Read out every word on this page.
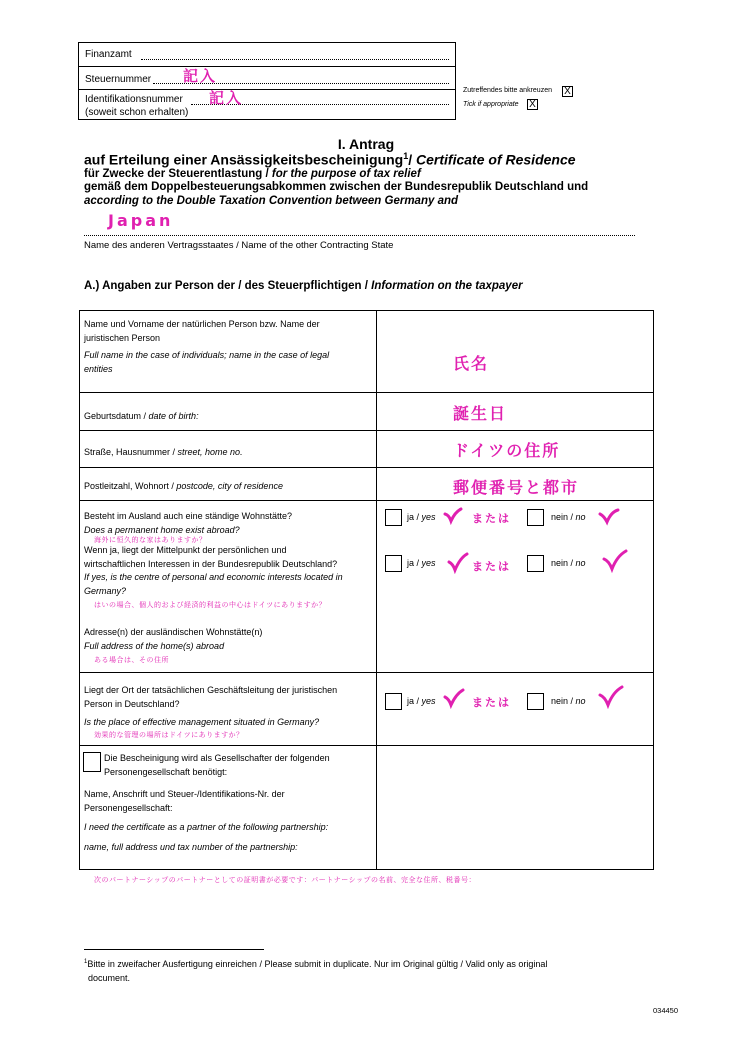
Finanzamt
Steuernummer 記入
Identifikationsnummer 記入
(soweit schon erhalten)
Zutreffendes bitte ankreuzen X
Tick if appropriate X
I. Antrag
auf Erteilung einer Ansässigkeitsbescheinigung$^1$/ Certificate of Residence
für Zwecke der Steuerentlastung / for the purpose of tax relief
gemäß dem Doppelbesteuerungsabkommen zwischen der Bundesrepublik Deutschland und
according to the Double Taxation Convention between Germany and
Japan
Name des anderen Vertragsstaates / Name of the other Contracting State
A.) Angaben zur Person der / des Steuerpflichtigen / Information on the taxpayer
Name und Vorname der natürlichen Person bzw. Name der
juristischen Person
Full name in the case of individuals; name in the case of legal
entities	氏名
Geburtsdatum / date of birth:	誕生日
Straße, Hausnummer / street, home no.	ドイツの住所
Postleitzahl, Wohnort / postcode, city of residence	郵便番号と都市
Besteht im Ausland auch eine ständige Wohnstätte?
Does a permanent home exist abroad?
海外に恒久的な家はありますか？
Wenn ja, liegt der Mittelpunkt der persönlichen und
wirtschaftlichen Interessen in der Bundesrepublik Deutschland?
If yes, is the centre of personal and economic interests located in
Germany?
はいの場合、個人的および経済的利益の中心はドイツにありますか？
Adresse(n) der ausländischen Wohnstätte(n)
Full address of the home(s) abroad
ある場合は、その住所
ja / yes	または	nein / no
ja / yes	または	nein / no
Liegt der Ort der tatsächlichen Geschäftsleitung der juristischen
Person in Deutschland?
Is the place of effective management situated in Germany?
効果的な管理の場所はドイツにありますか？
ja / yes	または	nein / no
Die Bescheinigung wird als Gesellschafter der folgenden
Personengesellschaft benötigt:
Name, Anschrift und Steuer-/Identifikations-Nr. der
Personengesellschaft:
I need the certificate as a partner of the following partnership:
name, full address und tax number of the partnership:
次のパートナーシップのパートナーとしての証明書が必要です：パートナーシップの名前、完全な住所、税番号：
$^1$Bitte in zweifacher Ausfertigung einreichen / Please submit in duplicate. Nur im Original gültig / Valid only as original
document.
034450
